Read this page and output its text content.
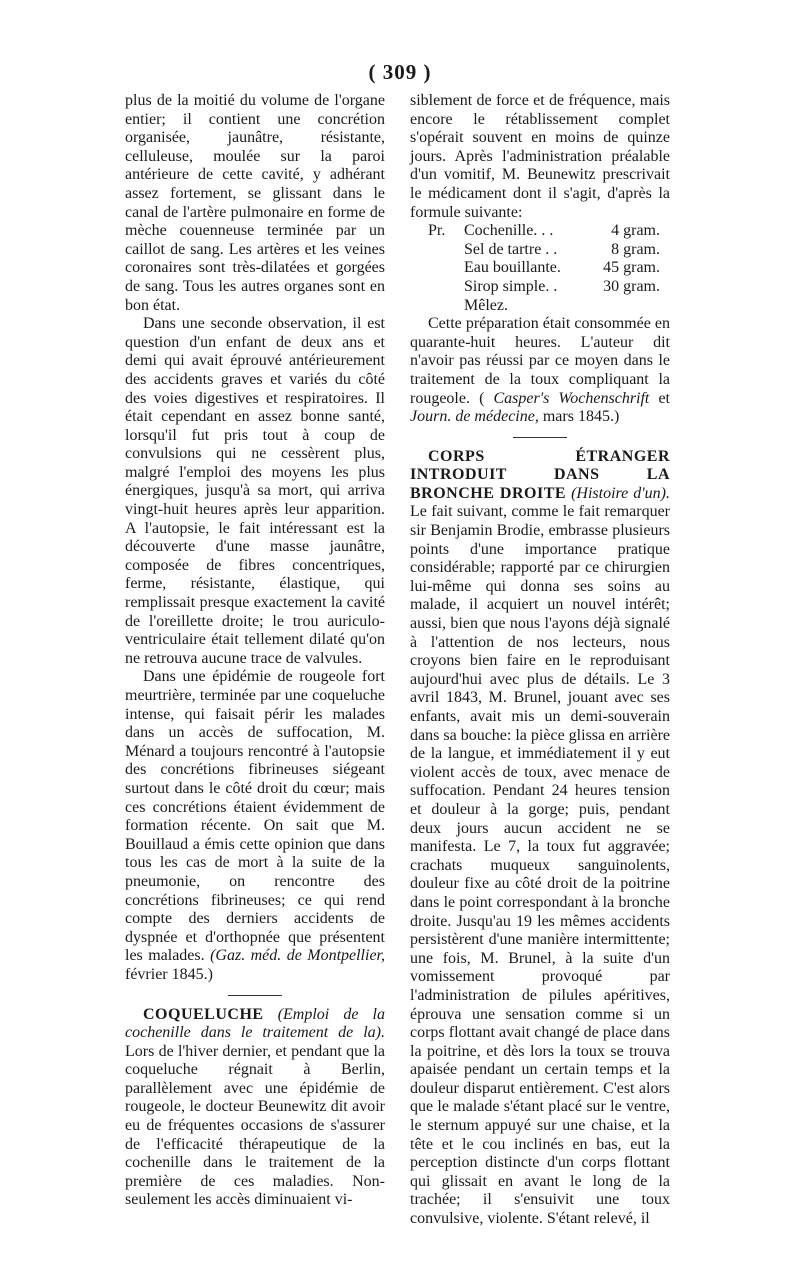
( 309 )

plus de la moitié du volume de l'organe entier; il contient une concrétion organisée, jaunâtre, résistante, celluleuse, moulée sur la paroi antérieure de cette cavité, y adhérant assez fortement, se glissant dans le canal de l'artère pulmonaire en forme de mèche couenneuse terminée par un caillot de sang. Les artères et les veines coronaires sont très-dilatées et gorgées de sang. Tous les autres organes sont en bon état.

Dans une seconde observation, il est question d'un enfant de deux ans et demi qui avait éprouvé antérieurement des accidents graves et variés du côté des voies digestives et respiratoires. Il était cependant en assez bonne santé, lorsqu'il fut pris tout à coup de convulsions qui ne cessèrent plus, malgré l'emploi des moyens les plus énergiques, jusqu'à sa mort, qui arriva vingt-huit heures après leur apparition. A l'autopsie, le fait intéressant est la découverte d'une masse jaunâtre, composée de fibres concentriques, ferme, résistante, élastique, qui remplissait presque exactement la cavité de l'oreillette droite; le trou auriculo-ventriculaire était tellement dilaté qu'on ne retrouva aucune trace de valvules.

Dans une épidémie de rougeole fort meurtrière, terminée par une coqueluche intense, qui faisait périr les malades dans un accès de suffocation, M. Ménard a toujours rencontré à l'autopsie des concrétions fibrineuses siégeant surtout dans le côté droit du cœur; mais ces concrétions étaient évidemment de formation récente. On sait que M. Bouillaud a émis cette opinion que dans tous les cas de mort à la suite de la pneumonie, on rencontre des concrétions fibrineuses; ce qui rend compte des derniers accidents de dyspnée et d'orthopnée que présentent les malades. (Gaz. méd. de Montpellier, février 1845.)

COQUELUCHE (Emploi de la cochenille dans le traitement de la). Lors de l'hiver dernier, et pendant que la coqueluche régnait à Berlin, parallèlement avec une épidémie de rougeole, le docteur Beunewitz dit avoir eu de fréquentes occasions de s'assurer de l'efficacité thérapeutique de la cochenille dans le traitement de la première de ces maladies. Non-seulement les accès diminuaient vi-

siblement de force et de fréquence, mais encore le rétablissement complet s'opérait souvent en moins de quinze jours. Après l'administration préalable d'un vomitif, M. Beunewitz prescrivait le médicament dont il s'agit, d'après la formule suivante:

Pr.	Cochenille. . .	4 gram.
Sel de tartre . .	8 gram.
Eau bouillante.	45 gram.
Sirop simple. .	30 gram.
Mêlez.

Cette préparation était consommée en quarante-huit heures. L'auteur dit n'avoir pas réussi par ce moyen dans le traitement de la toux compliquant la rougeole. ( Casper's Wochenschrift et Journ. de médecine, mars 1845.)

CORPS ÉTRANGER INTRODUIT DANS LA BRONCHE DROITE (Histoire d'un). Le fait suivant, comme le fait remarquer sir Benjamin Brodie, embrasse plusieurs points d'une importance pratique considérable; rapporté par ce chirurgien lui-même qui donna ses soins au malade, il acquiert un nouvel intérêt; aussi, bien que nous l'ayons déjà signalé à l'attention de nos lecteurs, nous croyons bien faire en le reproduisant aujourd'hui avec plus de détails. Le 3 avril 1843, M. Brunel, jouant avec ses enfants, avait mis un demi-souverain dans sa bouche: la pièce glissa en arrière de la langue, et immédiatement il y eut violent accès de toux, avec menace de suffocation. Pendant 24 heures tension et douleur à la gorge; puis, pendant deux jours aucun accident ne se manifesta. Le 7, la toux fut aggravée; crachats muqueux sanguinolents, douleur fixe au côté droit de la poitrine dans le point correspondant à la bronche droite. Jusqu'au 19 les mêmes accidents persistèrent d'une manière intermittente; une fois, M. Brunel, à la suite d'un vomissement provoqué par l'administration de pilules apéritives, éprouva une sensation comme si un corps flottant avait changé de place dans la poitrine, et dès lors la toux se trouva apaisée pendant un certain temps et la douleur disparut entièrement. C'est alors que le malade s'étant placé sur le ventre, le sternum appuyé sur une chaise, et la tête et le cou inclinés en bas, eut la perception distincte d'un corps flottant qui glissait en avant le long de la trachée; il s'ensuivit une toux convulsive, violente. S'étant relevé, il
